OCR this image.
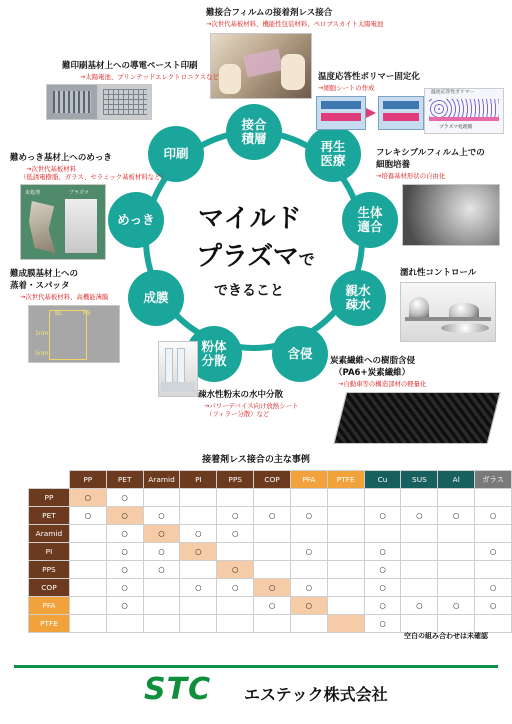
マイルド
プラズマで
できること
接合
積層
再生
医療
生体
適合
親水
疎水
含侵
粉体
分散
成膜
めっき
印刷
難接合フィルムの接着剤レス接合
→次世代基板材料、機能性包装材料、ペロブスカイト太陽電池
難印刷基材上への導電ペースト印刷
→太陽電池、プリンテッドエレクトロニクスなど	温度応答性ポリマー固定化
→細胞シートの作成
温度応答性ポリマー
プラズマ処理膜
フレキシブルフィルム上での
細胞培養
→培養基材形状の自由化
難めっき基材上へのめっき
→次世代基板材料
（低誘電樹脂、ガラス、セラミック基板材料など）
未処理	プラズマ
難成膜基材上への
蒸着・スパッタ
→次世代基板材料、高機能薄膜
BL	PS
1nm
5nm
濡れ性コントロール
炭素繊維への樹脂含侵
（PA6+炭素繊維）
→自動車等の構造部材の軽量化
疎水性粉末の水中分散
→パワーデバイス向け放熱シート
（フィラー分散）など
接着剤レス接合の主な事例
	PP	PET	Aramid	PI	PPS	COP	PFA	PTFE	Cu	SUS	Al	ガラス
PP	○	○										
PET	○	○	○		○	○	○		○	○	○	○
Aramid		○	○	○	○							
PI		○	○	○			○		○			○
PPS		○	○		○				○			
COP		○		○	○	○	○		○			○
PFA		○				○	○		○	○	○	○
PTFE									○			
空白の組み合わせは未確認
STC エステック株式会社
